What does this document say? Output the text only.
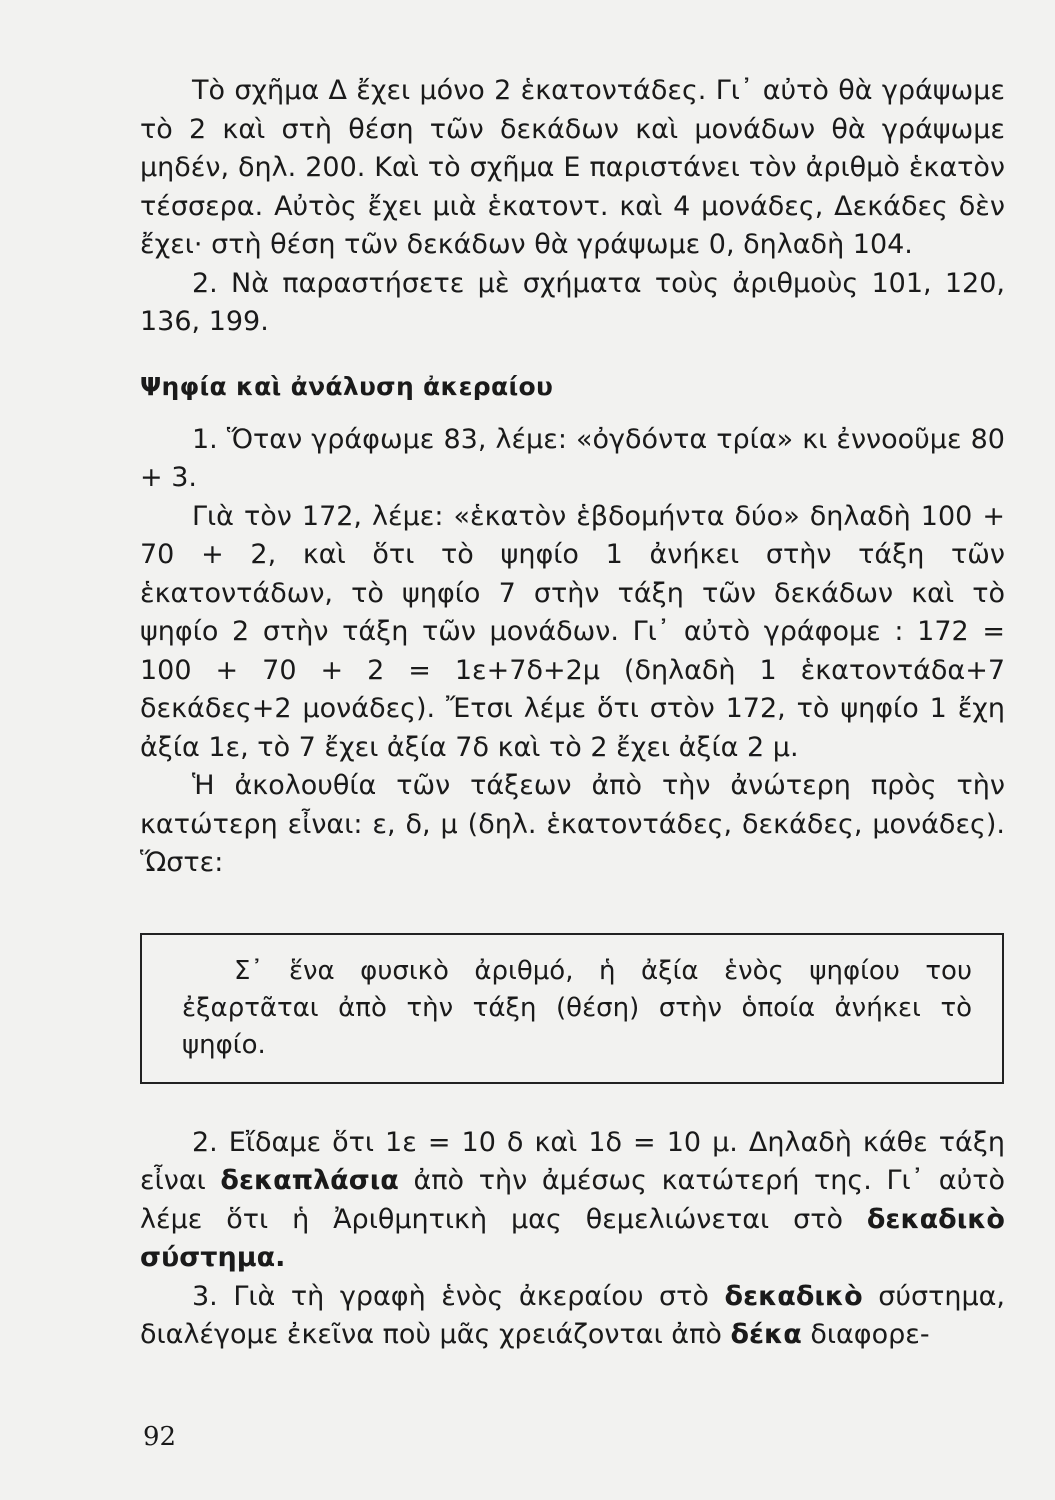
Τὸ σχῆμα Δ ἔχει μόνο 2 ἑκατοντάδες. Γι᾽ αὐτὸ θὰ γράψωμε τὸ 2 καὶ στὴ θέση τῶν δεκάδων καὶ μονάδων θὰ γράψωμε μηδέν, δηλ. 200. Καὶ τὸ σχῆμα Ε παριστάνει τὸν ἀριθμὸ ἑκατὸν τέσσερα. Αὐτὸς ἔχει μιὰ ἑκατοντ. καὶ 4 μονάδες, Δεκάδες δὲν ἔχει· στὴ θέση τῶν δεκάδων θὰ γράψωμε 0, δηλαδὴ 104.

2. Νὰ παραστήσετε μὲ σχήματα τοὺς ἀριθμοὺς 101, 120, 136, 199.

Ψηφία καὶ ἀνάλυση ἀκεραίου

1. Ὅταν γράφωμε 83, λέμε: «ὀγδόντα τρία» κι ἐννοοῦμε 80 + 3.

Γιὰ τὸν 172, λέμε: «ἑκατὸν ἑβδομήντα δύο» δηλαδὴ 100 + 70 + 2, καὶ ὅτι τὸ ψηφίο 1 ἀνήκει στὴν τάξη τῶν ἑκατοντάδων, τὸ ψηφίο 7 στὴν τάξη τῶν δεκάδων καὶ τὸ ψηφίο 2 στὴν τάξη τῶν μονάδων. Γι᾽ αὐτὸ γράφομε : 172 = 100 + 70 + 2 = 1ε+7δ+2μ (δηλαδὴ 1 ἑκατοντάδα+7 δεκάδες+2 μονάδες). Ἔτσι λέμε ὅτι στὸν 172, τὸ ψηφίο 1 ἔχη ἀξία 1ε, τὸ 7 ἔχει ἀξία 7δ καὶ τὸ 2 ἔχει ἀξία 2 μ.

Ἡ ἀκολουθία τῶν τάξεων ἀπὸ τὴν ἀνώτερη πρὸς τὴν κατώτερη εἶναι: ε, δ, μ (δηλ. ἑκατοντάδες, δεκάδες, μονάδες). Ὥστε:

Σ᾽ ἕνα φυσικὸ ἀριθμό, ἡ ἀξία ἑνὸς ψηφίου του ἐξαρτᾶται ἀπὸ τὴν τάξη (θέση) στὴν ὁποία ἀνήκει τὸ ψηφίο.

2. Εἴδαμε ὅτι 1ε = 10 δ καὶ 1δ = 10 μ. Δηλαδὴ κάθε τάξη εἶναι δεκαπλάσια ἀπὸ τὴν ἀμέσως κατώτερή της. Γι᾽ αὐτὸ λέμε ὅτι ἡ Ἀριθμητικὴ μας θεμελιώνεται στὸ δεκαδικὸ σύστημα.

3. Γιὰ τὴ γραφὴ ἑνὸς ἀκεραίου στὸ δεκαδικὸ σύστημα, διαλέγομε ἐκεῖνα ποὺ μᾶς χρειάζονται ἀπὸ δέκα διαφορε-

92
